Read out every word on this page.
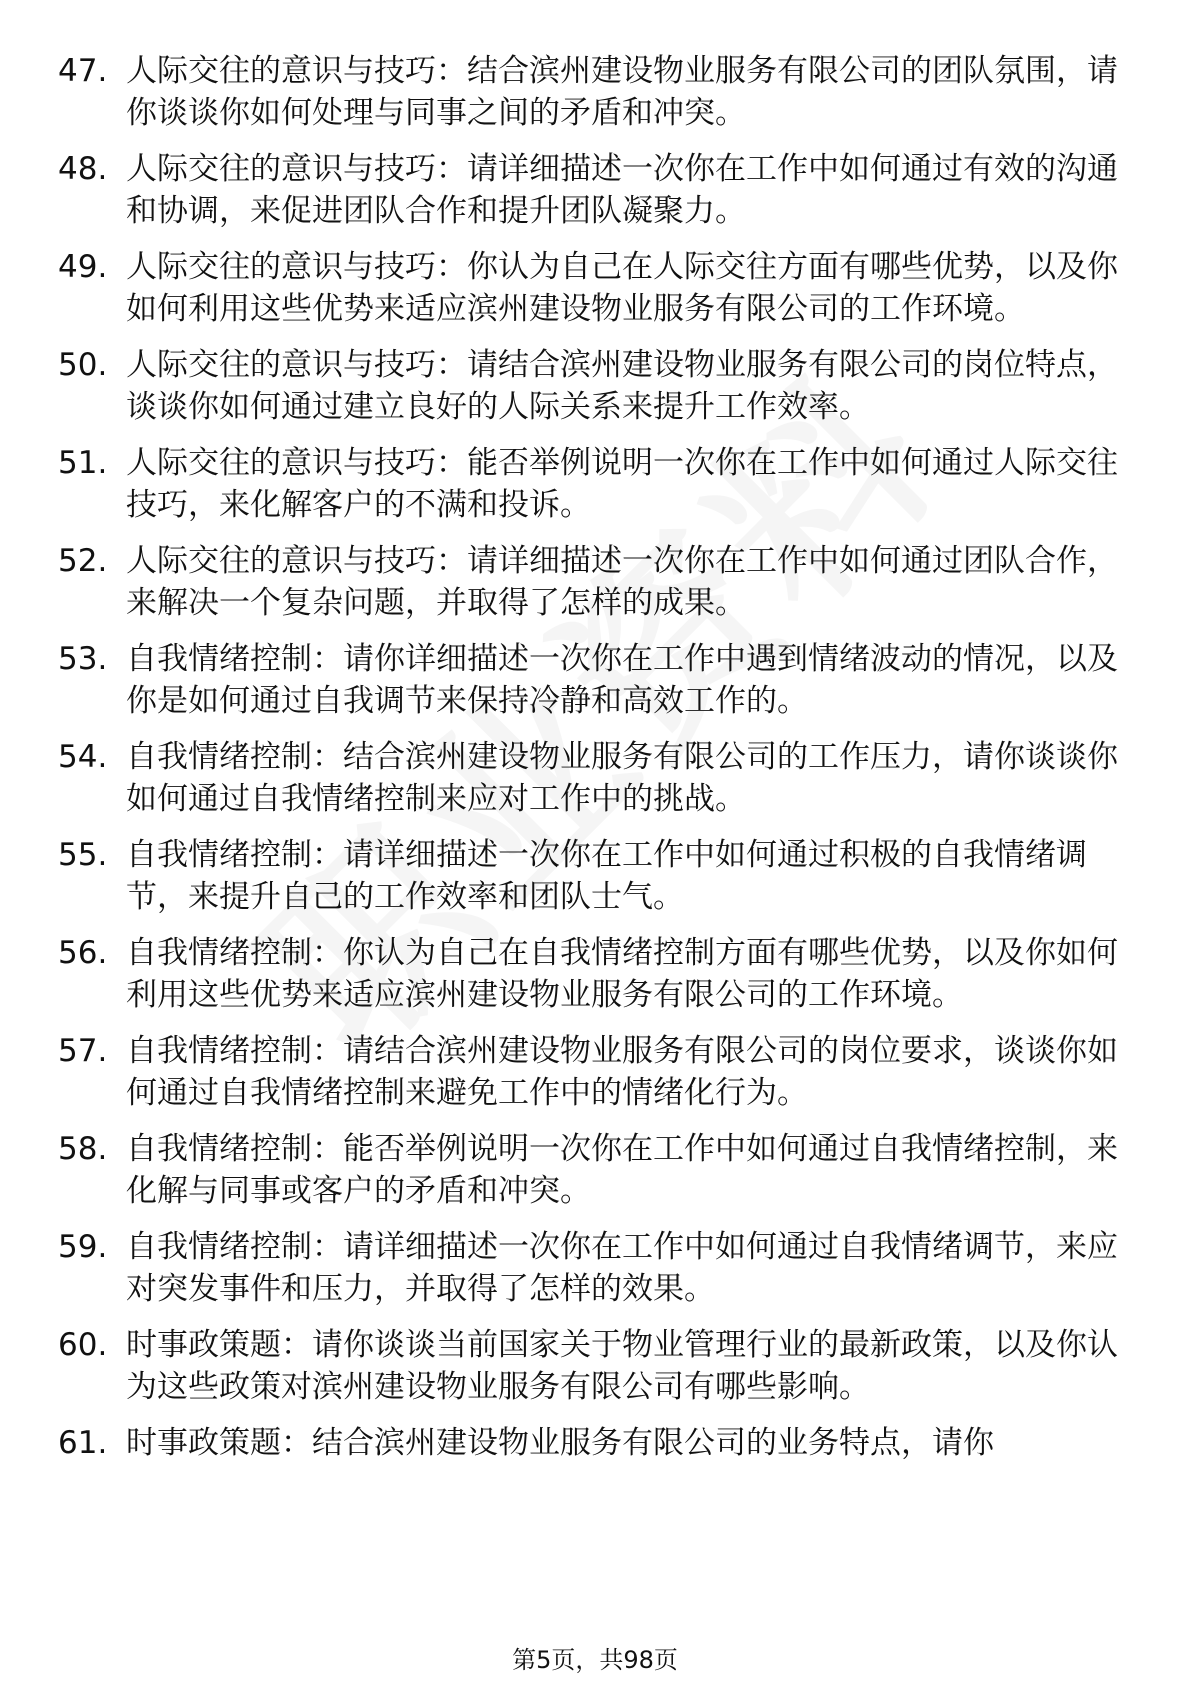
47. 人际交往的意识与技巧：结合滨州建设物业服务有限公司的团队氛围，请你谈谈你如何处理与同事之间的矛盾和冲突。
48. 人际交往的意识与技巧：请详细描述一次你在工作中如何通过有效的沟通和协调，来促进团队合作和提升团队凝聚力。
49. 人际交往的意识与技巧：你认为自己在人际交往方面有哪些优势，以及你如何利用这些优势来适应滨州建设物业服务有限公司的工作环境。
50. 人际交往的意识与技巧：请结合滨州建设物业服务有限公司的岗位特点，谈谈你如何通过建立良好的人际关系来提升工作效率。
51. 人际交往的意识与技巧：能否举例说明一次你在工作中如何通过人际交往技巧，来化解客户的不满和投诉。
52. 人际交往的意识与技巧：请详细描述一次你在工作中如何通过团队合作，来解决一个复杂问题，并取得了怎样的成果。
53. 自我情绪控制：请你详细描述一次你在工作中遇到情绪波动的情况，以及你是如何通过自我调节来保持冷静和高效工作的。
54. 自我情绪控制：结合滨州建设物业服务有限公司的工作压力，请你谈谈你如何通过自我情绪控制来应对工作中的挑战。
55. 自我情绪控制：请详细描述一次你在工作中如何通过积极的自我情绪调节，来提升自己的工作效率和团队士气。
56. 自我情绪控制：你认为自己在自我情绪控制方面有哪些优势，以及你如何利用这些优势来适应滨州建设物业服务有限公司的工作环境。
57. 自我情绪控制：请结合滨州建设物业服务有限公司的岗位要求，谈谈你如何通过自我情绪控制来避免工作中的情绪化行为。
58. 自我情绪控制：能否举例说明一次你在工作中如何通过自我情绪控制，来化解与同事或客户的矛盾和冲突。
59. 自我情绪控制：请详细描述一次你在工作中如何通过自我情绪调节，来应对突发事件和压力，并取得了怎样的效果。
60. 时事政策题：请你谈谈当前国家关于物业管理行业的最新政策，以及你认为这些政策对滨州建设物业服务有限公司有哪些影响。
61. 时事政策题：结合滨州建设物业服务有限公司的业务特点，请你
第5页，共98页
